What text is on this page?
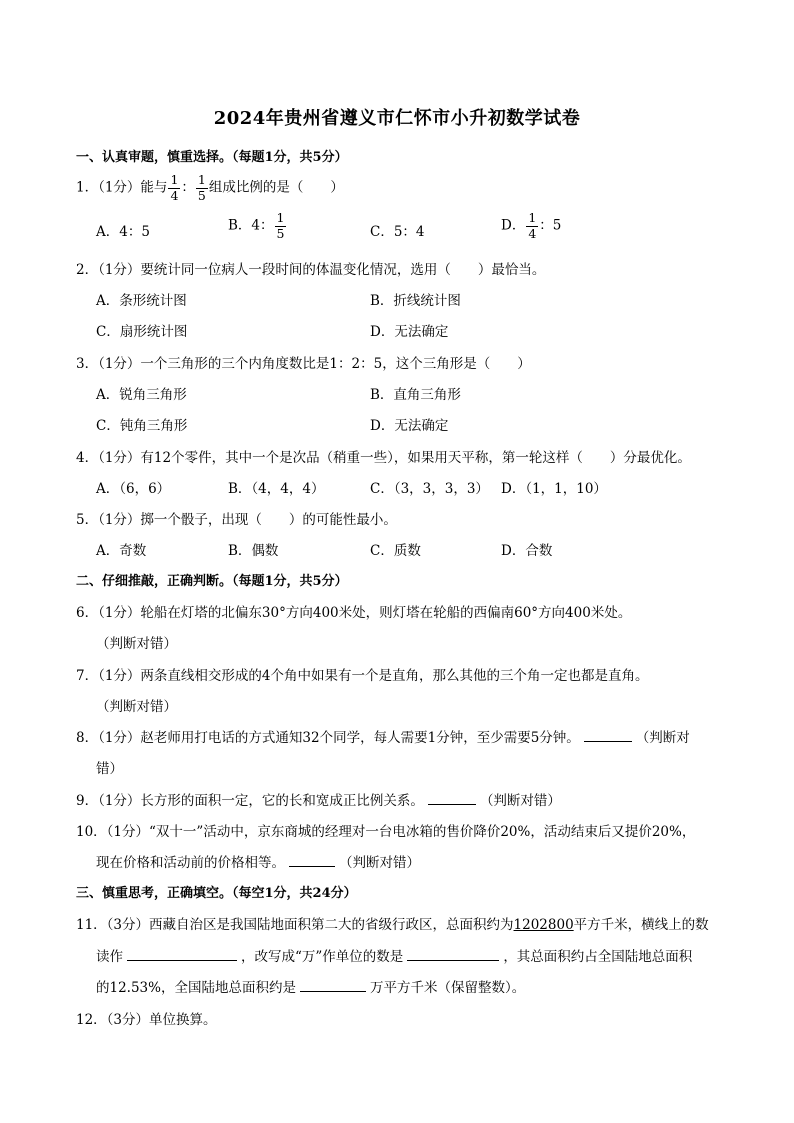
2024年贵州省遵义市仁怀市小升初数学试卷
一、认真审题，慎重选择。（每题1分，共5分）
1．（1分）能与 $\frac{1}{4}$ ： $\frac{1}{5}$ 组成比例的是（　　）
A．4：5	B．4： $\frac{1}{5}$	C．5：4	D． $\frac{1}{4}$ ：5
2．（1分）要统计同一位病人一段时间的体温变化情况，选用（　　）最恰当。
A．条形统计图	B．折线统计图
C．扇形统计图	D．无法确定
3．（1分）一个三角形的三个内角度数比是1：2：5，这个三角形是（　　）
A．锐角三角形	B．直角三角形
C．钝角三角形	D．无法确定
4．（1分）有12个零件，其中一个是次品（稍重一些），如果用天平称，第一轮这样（　　）分最优化。
A．（6，6）	B．（4，4，4）	C．（3，3，3，3） D．（1，1，10）
5．（1分）掷一个骰子，出现（　　）的可能性最小。
A．奇数	B．偶数	C．质数	D．合数
二、仔细推敲，正确判断。（每题1分，共5分）
6．（1分）轮船在灯塔的北偏东30°方向400米处，则灯塔在轮船的西偏南60°方向400米处。
（判断对错）
7．（1分）两条直线相交形成的4个角中如果有一个是直角，那么其他的三个角一定也都是直角。
（判断对错）
8．（1分）赵老师用打电话的方式通知32个同学，每人需要1分钟，至少需要5分钟。	（判断对
错）
9．（1分）长方形的面积一定，它的长和宽成正比例关系。	（判断对错）
10．（1分）“双十一”活动中，京东商城的经理对一台电冰箱的售价降价20%，活动结束后又提价20%，
现在价格和活动前的价格相等。	（判断对错）
三、慎重思考，正确填空。（每空1分，共24分）
11．（3分）西藏自治区是我国陆地面积第二大的省级行政区，总面积约为1202800平方千米，横线上的数
读作	，改写成“万”作单位的数是	，其总面积约占全国陆地总面积
的12.53%，全国陆地总面积约是	万平方千米（保留整数）。
12．（3分）单位换算。
